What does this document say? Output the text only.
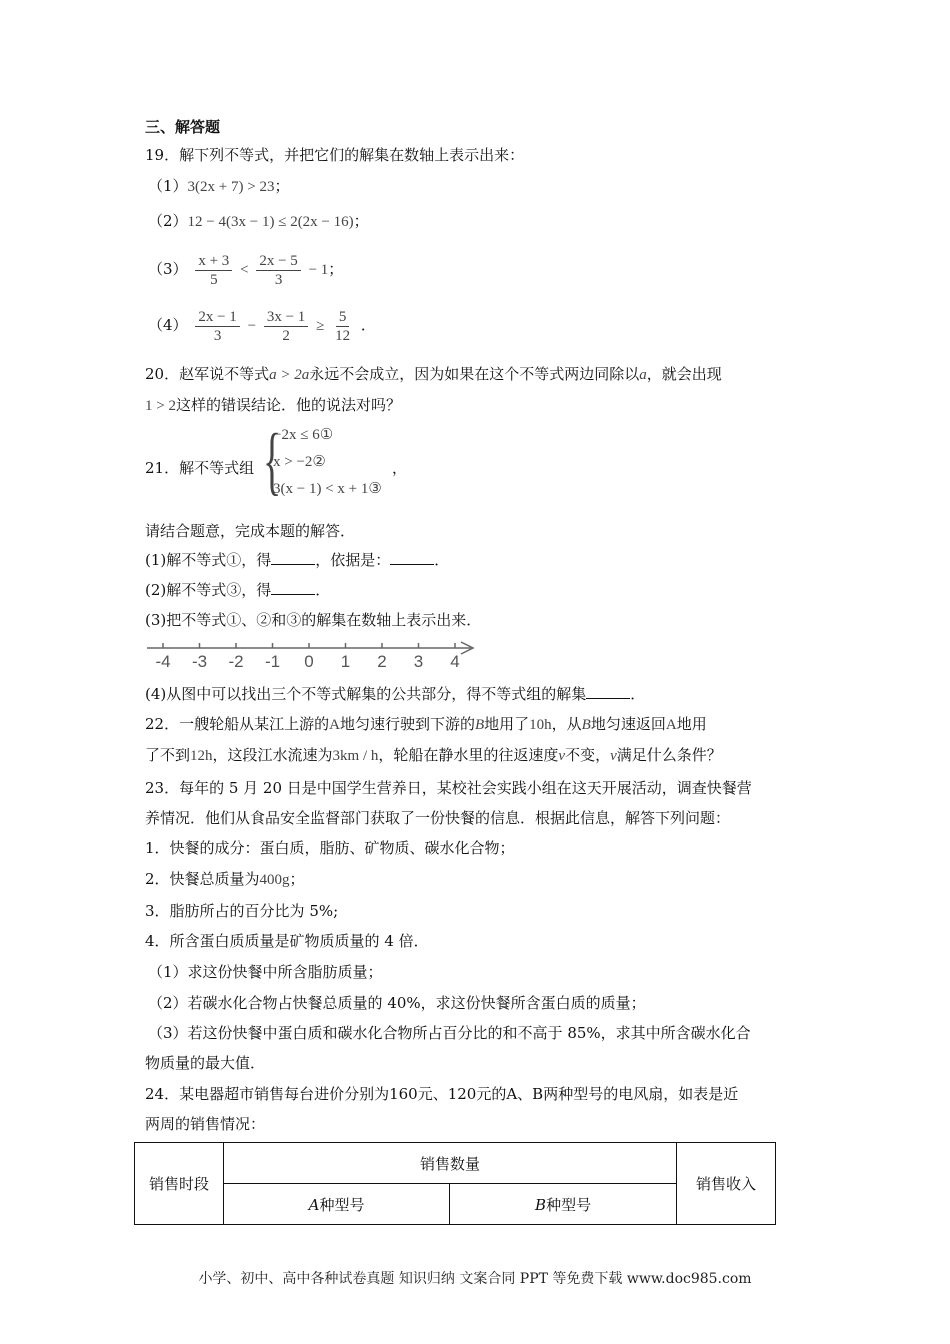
三、解答题
19．解下列不等式，并把它们的解集在数轴上表示出来：
（1）3(2x + 7) > 23；
（2）12 − 4(3x − 1) ≤ 2(2x − 16)；
$(3) \frac{x + 3}{5} < \frac{2x - 5}{3} - 1$；
$(4) \frac{2x - 1}{3} - \frac{3x - 1}{2} \ge \frac{5}{12}$ ．
20．赵军说不等式a > 2a永远不会成立，因为如果在这个不等式两边同除以a，就会出现
1 > 2这样的错误结论．他的说法对吗？
21．解不等式组 {
−2x ≤ 6①
x > −2②
3(x − 1) < x + 1③
，
请结合题意，完成本题的解答．
(1)解不等式①，得	，依据是：	．
(2)解不等式③，得	．
(3)把不等式①、②和③的解集在数轴上表示出来．
-4 -3 -2 -1 0 1 2 3 4
(4)从图中可以找出三个不等式解集的公共部分，得不等式组的解集	．
22．一艘轮船从某江上游的A地匀速行驶到下游的B地用了10h，从B地匀速返回A地用
了不到12h，这段江水流速为3km / h，轮船在静水里的往返速度v不变，v满足什么条件？
23．每年的 5 月 20 日是中国学生营养日，某校社会实践小组在这天开展活动，调查快餐营
养情况．他们从食品安全监督部门获取了一份快餐的信息．根据此信息，解答下列问题：
1．快餐的成分：蛋白质，脂肪、矿物质、碳水化合物；
2．快餐总质量为400g；
3．脂肪所占的百分比为 5%;
4．所含蛋白质质量是矿物质质量的 4 倍．
（1）求这份快餐中所含脂肪质量；
（2）若碳水化合物占快餐总质量的 40%，求这份快餐所含蛋白质的质量；
（3）若这份快餐中蛋白质和碳水化合物所占百分比的和不高于 85%，求其中所含碳水化合
物质量的最大值．
24．某电器超市销售每台进价分别为160元、120元的A、B两种型号的电风扇，如表是近
两周的销售情况：
销售时段	销售数量		销售收入
	A种型号	B种型号	
小学、初中、高中各种试卷真题 知识归纳 文案合同 PPT 等免费下载 www.doc985.com
